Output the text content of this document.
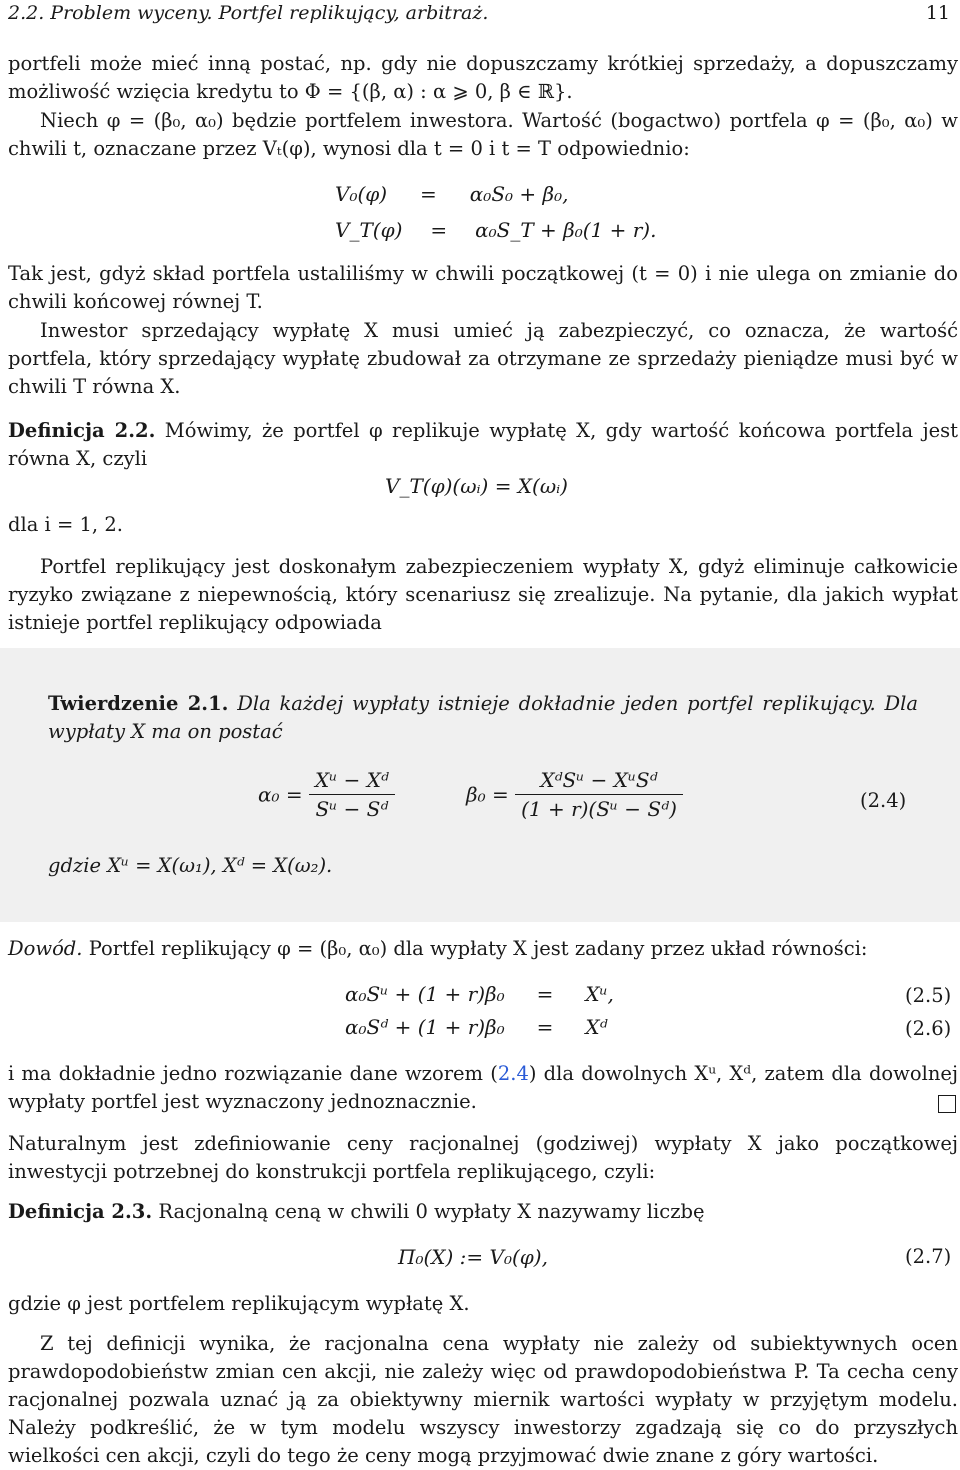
2.2. Problem wyceny. Portfel replikujący, arbitraż.	11

portfeli może mieć inną postać, np. gdy nie dopuszczamy krótkiej sprzedaży, a dopuszczamy możliwość wzięcia kredytu to Φ = {(β, α) : α ⩾ 0, β ∈ ℝ}.

Niech φ = (β₀, α₀) będzie portfelem inwestora. Wartość (bogactwo) portfela φ = (β₀, α₀) w chwili t, oznaczane przez Vₜ(φ), wynosi dla t = 0 i t = T odpowiednio:

V₀(φ) = α₀S₀ + β₀,
V_T(φ) = α₀S_T + β₀(1 + r).

Tak jest, gdyż skład portfela ustaliliśmy w chwili początkowej (t = 0) i nie ulega on zmianie do chwili końcowej równej T.

Inwestor sprzedający wypłatę X musi umieć ją zabezpieczyć, co oznacza, że wartość portfela, który sprzedający wypłatę zbudował za otrzymane ze sprzedaży pieniądze musi być w chwili T równa X.

Definicja 2.2. Mówimy, że portfel φ replikuje wypłatę X, gdy wartość końcowa portfela jest równa X, czyli

V_T(φ)(ωᵢ) = X(ωᵢ)

dla i = 1, 2.

Portfel replikujący jest doskonałym zabezpieczeniem wypłaty X, gdyż eliminuje całkowicie ryzyko związane z niepewnością, który scenariusz się zrealizuje. Na pytanie, dla jakich wypłat istnieje portfel replikujący odpowiada

Twierdzenie 2.1. Dla każdej wypłaty istnieje dokładnie jeden portfel replikujący. Dla wypłaty X ma on postać

$\alpha_0 = \frac{\text{Xᵘ − Xᵈ}}{\text{Sᵘ − Sᵈ}}$	$\beta_0 = \frac{\text{XᵈSᵘ − XᵘSᵈ}}{\text{(1 + r)(Sᵘ − Sᵈ)}}$	(2.4)

gdzie Xᵘ = X(ω₁), Xᵈ = X(ω₂).

Dowód. Portfel replikujący φ = (β₀, α₀) dla wypłaty X jest zadany przez układ równości:

α₀Sᵘ + (1 + r)β₀ = Xᵘ,	(2.5)
α₀Sᵈ + (1 + r)β₀ = Xᵈ	(2.6)

i ma dokładnie jedno rozwiązanie dane wzorem (2.4) dla dowolnych Xᵘ, Xᵈ, zatem dla dowolnej wypłaty portfel jest wyznaczony jednoznacznie.

Naturalnym jest zdefiniowanie ceny racjonalnej (godziwej) wypłaty X jako początkowej inwestycji potrzebnej do konstrukcji portfela replikującego, czyli:

Definicja 2.3. Racjonalną ceną w chwili 0 wypłaty X nazywamy liczbę

Π₀(X) := V₀(φ),	(2.7)

gdzie φ jest portfelem replikującym wypłatę X.

Z tej definicji wynika, że racjonalna cena wypłaty nie zależy od subiektywnych ocen prawdopodobieństw zmian cen akcji, nie zależy więc od prawdopodobieństwa P. Ta cecha ceny racjonalnej pozwala uznać ją za obiektywny miernik wartości wypłaty w przyjętym modelu. Należy podkreślić, że w tym modelu wszyscy inwestorzy zgadzają się co do przyszłych wielkości cen akcji, czyli do tego że ceny mogą przyjmować dwie znane z góry wartości.
